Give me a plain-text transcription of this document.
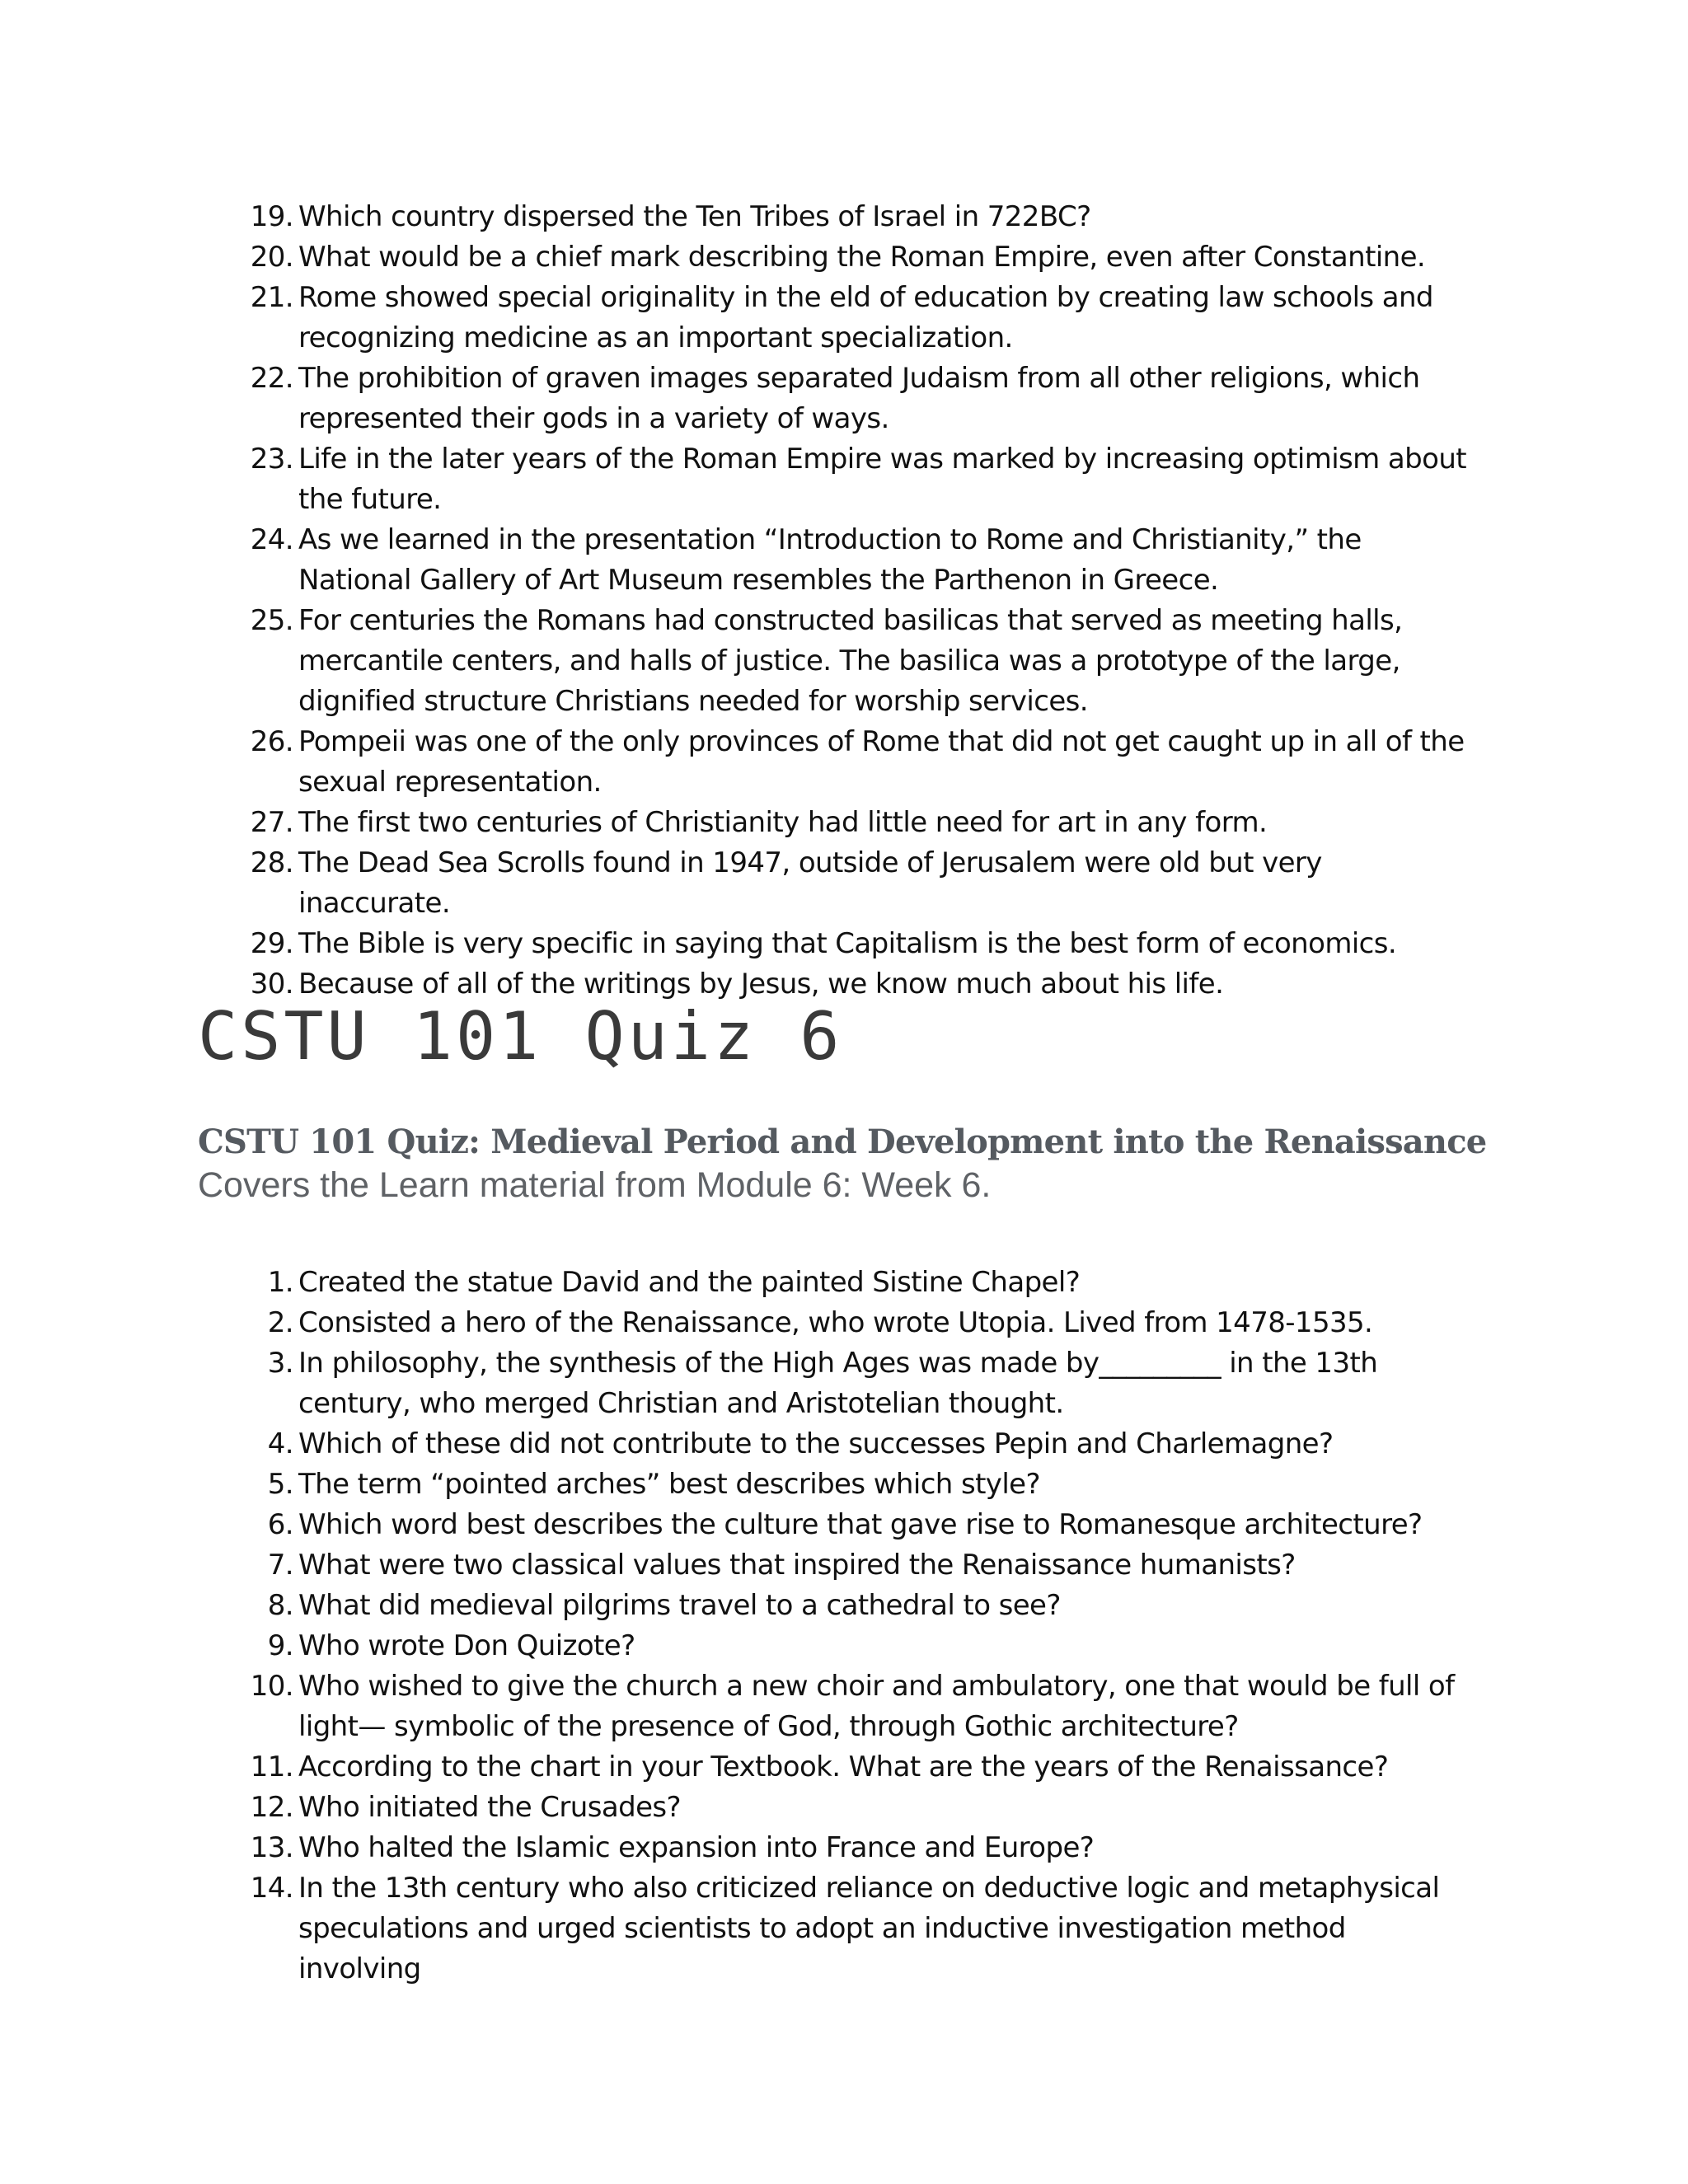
19. Which country dispersed the Ten Tribes of Israel in 722BC?
20. What would be a chief mark describing the Roman Empire, even after Constantine.
21. Rome showed special originality in the eld of education by creating law schools and recognizing medicine as an important specialization.
22. The prohibition of graven images separated Judaism from all other religions, which represented their gods in a variety of ways.
23. Life in the later years of the Roman Empire was marked by increasing optimism about the future.
24. As we learned in the presentation “Introduction to Rome and Christianity,” the National Gallery of Art Museum resembles the Parthenon in Greece.
25. For centuries the Romans had constructed basilicas that served as meeting halls, mercantile centers, and halls of justice. The basilica was a prototype of the large, dignified structure Christians needed for worship services.
26. Pompeii was one of the only provinces of Rome that did not get caught up in all of the sexual representation.
27. The first two centuries of Christianity had little need for art in any form.
28. The Dead Sea Scrolls found in 1947, outside of Jerusalem were old but very inaccurate.
29. The Bible is very specific in saying that Capitalism is the best form of economics.
30. Because of all of the writings by Jesus, we know much about his life.
CSTU 101 Quiz 6
CSTU 101 Quiz: Medieval Period and Development into the Renaissance

Covers the Learn material from Module 6: Week 6.

1. Created the statue David and the painted Sistine Chapel?
2. Consisted a hero of the Renaissance, who wrote Utopia. Lived from 1478-1535.
3. In philosophy, the synthesis of the High Ages was made by_________ in the 13th century, who merged Christian and Aristotelian thought.
4. Which of these did not contribute to the successes Pepin and Charlemagne?
5. The term “pointed arches” best describes which style?
6. Which word best describes the culture that gave rise to Romanesque architecture?
7. What were two classical values that inspired the Renaissance humanists?
8. What did medieval pilgrims travel to a cathedral to see?
9. Who wrote Don Quizote?
10. Who wished to give the church a new choir and ambulatory, one that would be full of light— symbolic of the presence of God, through Gothic architecture?
11. According to the chart in your Textbook. What are the years of the Renaissance?
12. Who initiated the Crusades?
13. Who halted the Islamic expansion into France and Europe?
14. In the 13th century who also criticized reliance on deductive logic and metaphysical speculations and urged scientists to adopt an inductive investigation method involving
